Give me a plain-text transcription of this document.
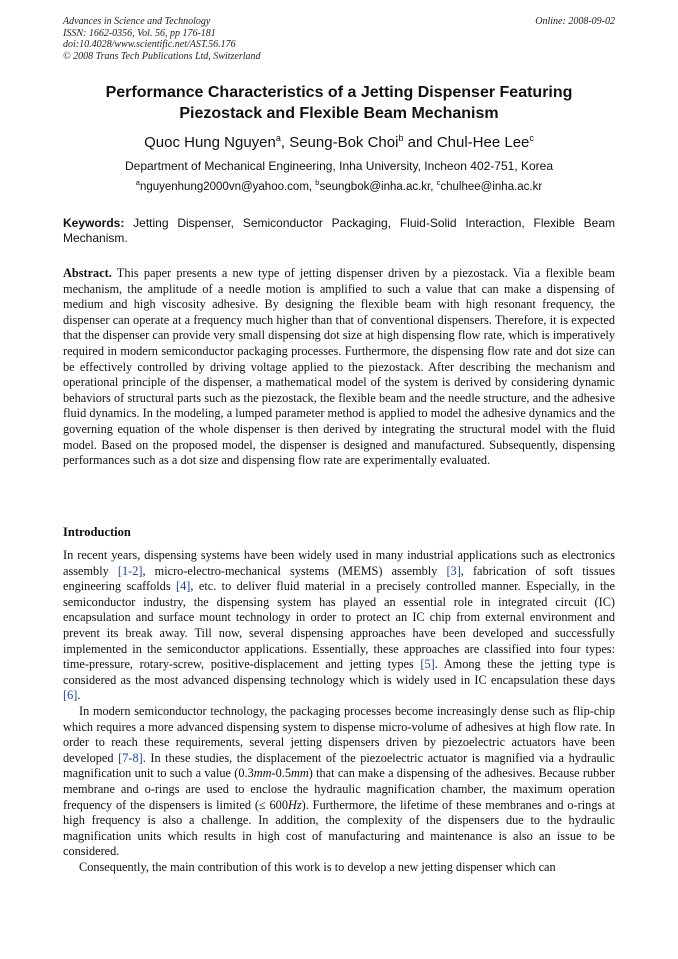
Advances in Science and Technology
ISSN: 1662-0356, Vol. 56, pp 176-181
doi:10.4028/www.scientific.net/AST.56.176
© 2008 Trans Tech Publications Ltd, Switzerland
Online: 2008-09-02
Performance Characteristics of a Jetting Dispenser Featuring
Piezostack and Flexible Beam Mechanism
Quoc Hung Nguyen$^a$, Seung-Bok Choi$^b$ and Chul-Hee Lee$^c$
Department of Mechanical Engineering, Inha University, Incheon 402-751, Korea
$^a$nguyenhung2000vn@yahoo.com, $^b$seungbok@inha.ac.kr, $^c$chulhee@inha.ac.kr
Keywords: Jetting Dispenser, Semiconductor Packaging, Fluid-Solid Interaction, Flexible Beam Mechanism.
Abstract. This paper presents a new type of jetting dispenser driven by a piezostack. Via a flexible beam mechanism, the amplitude of a needle motion is amplified to such a value that can make a dispensing of medium and high viscosity adhesive. By designing the flexible beam with high resonant frequency, the dispenser can operate at a frequency much higher than that of conventional dispensers. Therefore, it is expected that the dispenser can provide very small dispensing dot size at high dispensing flow rate, which is imperatively required in modern semiconductor packaging processes. Furthermore, the dispensing flow rate and dot size can be effectively controlled by driving voltage applied to the piezostack. After describing the mechanism and operational principle of the dispenser, a mathematical model of the system is derived by considering dynamic behaviors of structural parts such as the piezostack, the flexible beam and the needle structure, and the adhesive fluid dynamics. In the modeling, a lumped parameter method is applied to model the adhesive dynamics and the governing equation of the whole dispenser is then derived by integrating the structural model with the fluid model. Based on the proposed model, the dispenser is designed and manufactured. Subsequently, dispensing performances such as a dot size and dispensing flow rate are experimentally evaluated.
Introduction

In recent years, dispensing systems have been widely used in many industrial applications such as electronics assembly [1-2], micro-electro-mechanical systems (MEMS) assembly [3], fabrication of soft tissues engineering scaffolds [4], etc. to deliver fluid material in a precisely controlled manner. Especially, in the semiconductor industry, the dispensing system has played an essential role in integrated circuit (IC) encapsulation and surface mount technology in order to protect an IC chip from external environment and prevent its break away. Till now, several dispensing approaches have been developed and successfully implemented in the semiconductor applications. Essentially, these approaches are classified into four types: time-pressure, rotary-screw, positive-displacement and jetting types [5]. Among these the jetting type is considered as the most advanced dispensing technology which is widely used in IC encapsulation these days [6].

In modern semiconductor technology, the packaging processes become increasingly dense such as flip-chip which requires a more advanced dispensing system to dispense micro-volume of adhesives at high flow rate. In order to reach these requirements, several jetting dispensers driven by piezoelectric actuators have been developed [7-8]. In these studies, the displacement of the piezoelectric actuator is magnified via a hydraulic magnification unit to such a value (0.3mm-0.5mm) that can make a dispensing of the adhesives. Because rubber membrane and o-rings are used to enclose the hydraulic magnification chamber, the maximum operation frequency of the dispensers is limited (≤ 600Hz). Furthermore, the lifetime of these membranes and o-rings at high frequency is also a challenge. In addition, the complexity of the dispensers due to the hydraulic magnification units which results in high cost of manufacturing and maintenance is also an issue to be considered.

Consequently, the main contribution of this work is to develop a new jetting dispenser which can
